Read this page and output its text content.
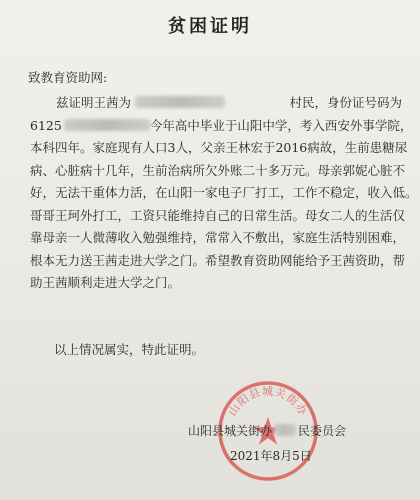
贫困证明
致教育资助网:
兹证明王茜为	村民，身份证号码为
6125	今年高中毕业于山阳中学，考入西安外事学院，
本科四年。家庭现有人口3人，父亲王林宏于2016病故，生前患糖尿
病、心脏病十几年，生前治病所欠外账二十多万元。母亲郭妮心脏不
好，无法干重体力活，在山阳一家电子厂打工，工作不稳定，收入低。
哥哥王珂外打工，工资只能维持自己的日常生活。母女二人的生活仅
靠母亲一人微薄收入勉强维持，常常入不敷出，家庭生活特别困难，
根本无力送王茜走进大学之门。希望教育资助网能给予王茜资助，帮
助王茜顺利走进大学之门。
以上情况属实，特此证明。
山阳县城关街办
山阳县城关街办 民委员会
2021年8月5日
